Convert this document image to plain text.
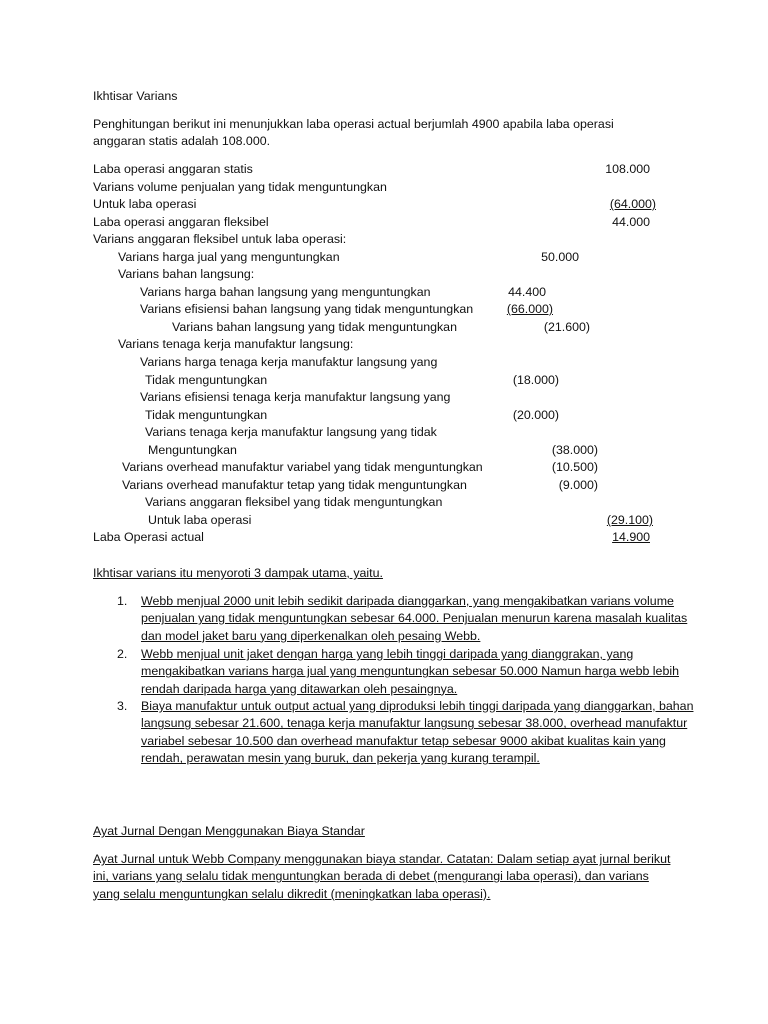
Ikhtisar Varians
Penghitungan berikut ini menunjukkan laba operasi actual berjumlah 4900 apabila laba operasi
anggaran statis adalah 108.000.
Laba operasi anggaran statis	108.000
Varians volume penjualan yang tidak menguntungkan
Untuk laba operasi	(64.000)
Laba operasi anggaran fleksibel	44.000
Varians anggaran fleksibel untuk laba operasi:
Varians harga jual yang menguntungkan	50.000
Varians bahan langsung:
Varians harga bahan langsung yang menguntungkan	44.400
Varians efisiensi bahan langsung yang tidak menguntungkan	(66.000)
Varians bahan langsung yang tidak menguntungkan	(21.600)
Varians tenaga kerja manufaktur langsung:
Varians harga tenaga kerja manufaktur langsung yang
Tidak menguntungkan	(18.000)
Varians efisiensi tenaga kerja manufaktur langsung yang
Tidak menguntungkan	(20.000)
Varians tenaga kerja manufaktur langsung yang tidak
Menguntungkan	(38.000)
Varians overhead manufaktur variabel yang tidak menguntungkan	(10.500)
Varians overhead manufaktur tetap yang tidak menguntungkan	(9.000)
Varians anggaran fleksibel yang tidak menguntungkan
Untuk laba operasi	(29.100)
Laba Operasi actual	14.900
Ikhtisar varians itu menyoroti 3 dampak utama, yaitu.
1. Webb menjual 2000 unit lebih sedikit daripada dianggarkan, yang mengakibatkan varians volume penjualan yang tidak menguntungkan sebesar 64.000. Penjualan menurun karena masalah kualitas dan model jaket baru yang diperkenalkan oleh pesaing Webb.
2. Webb menjual unit jaket dengan harga yang lebih tinggi daripada yang dianggrakan, yang mengakibatkan varians harga jual yang menguntungkan sebesar 50.000 Namun harga webb lebih rendah daripada harga yang ditawarkan oleh pesaingnya.
3. Biaya manufaktur untuk output actual yang diproduksi lebih tinggi daripada yang dianggarkan, bahan langsung sebesar 21.600, tenaga kerja manufaktur langsung sebesar 38.000, overhead manufaktur variabel sebesar 10.500 dan overhead manufaktur tetap sebesar 9000 akibat kualitas kain yang rendah, perawatan mesin yang buruk, dan pekerja yang kurang terampil.
Ayat Jurnal Dengan Menggunakan Biaya Standar
Ayat Jurnal untuk Webb Company menggunakan biaya standar. Catatan: Dalam setiap ayat jurnal berikut ini, varians yang selalu tidak menguntungkan berada di debet (mengurangi laba operasi), dan varians yang selalu menguntungkan selalu dikredit (meningkatkan laba operasi).
